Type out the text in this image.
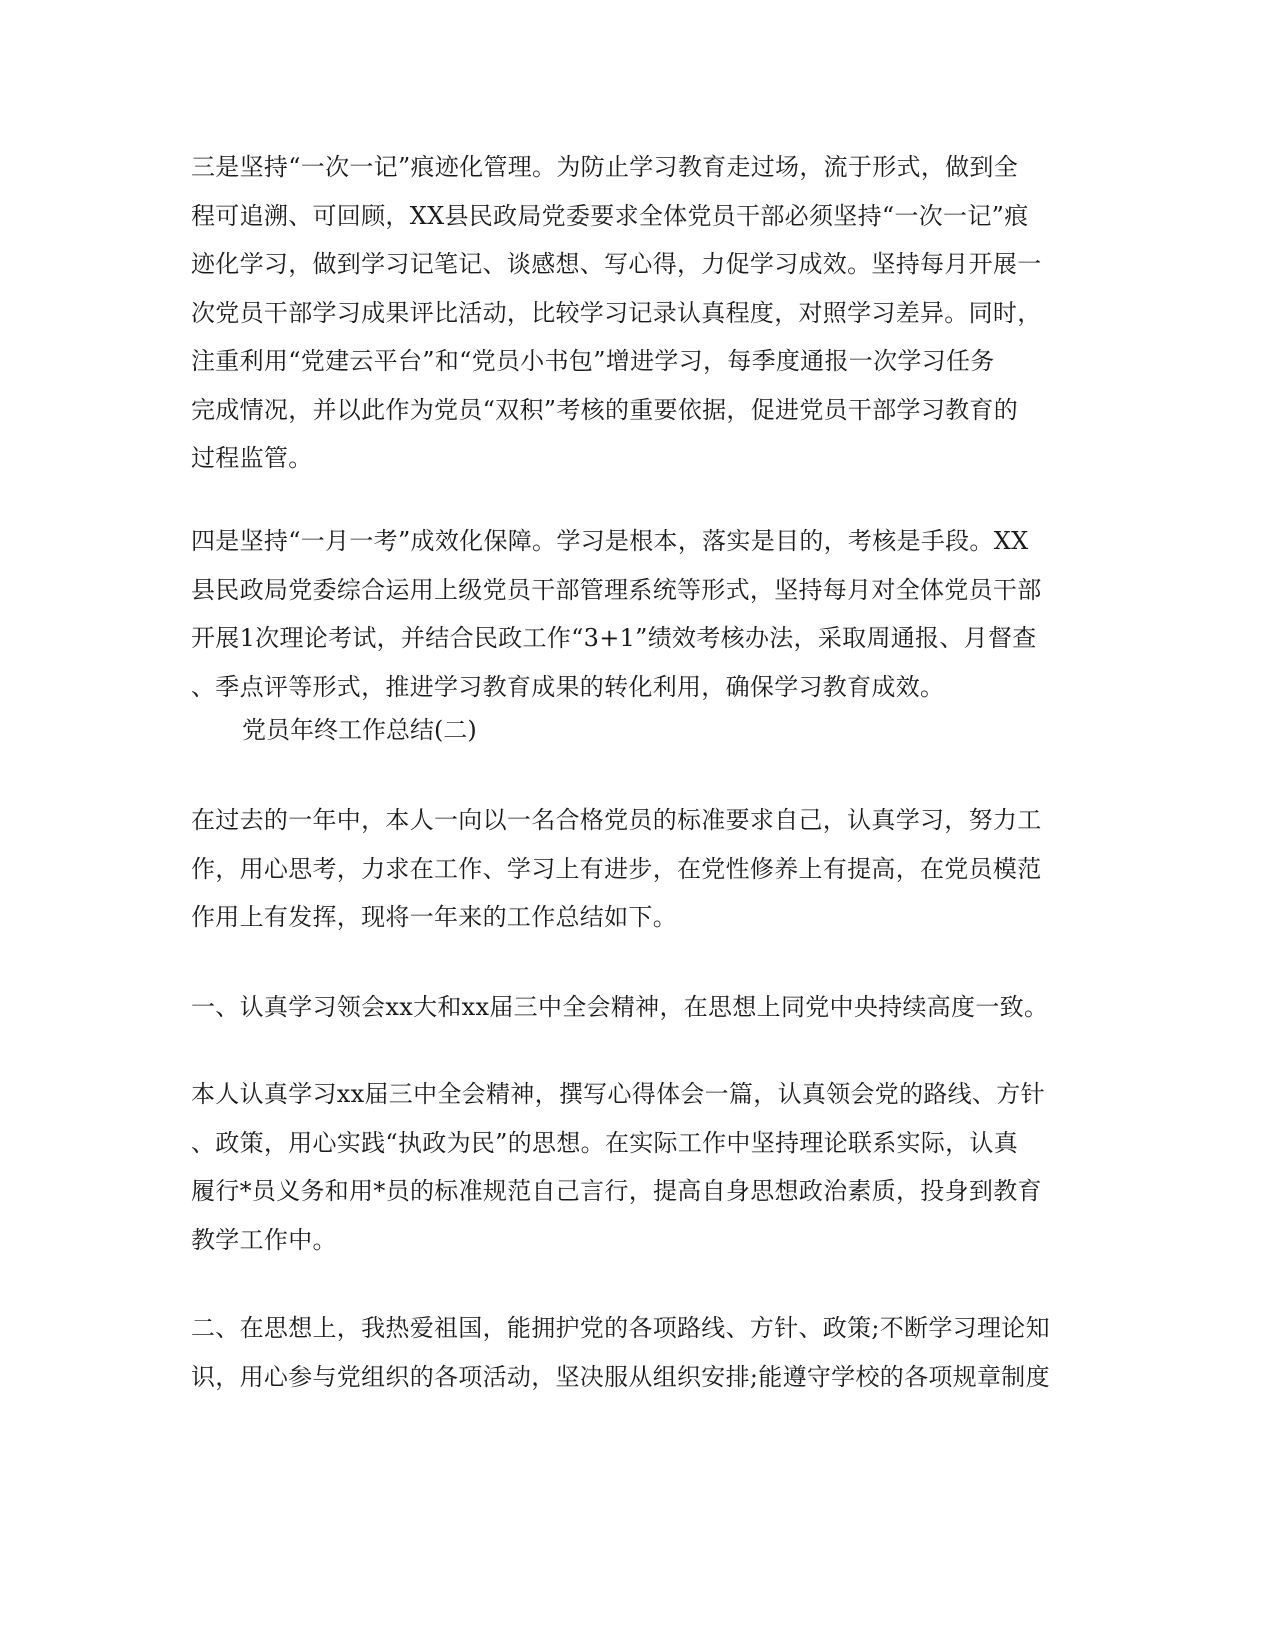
三是坚持“一次一记”痕迹化管理。为防止学习教育走过场，流于形式，做到全
程可追溯、可回顾，XX县民政局党委要求全体党员干部必须坚持“一次一记”痕
迹化学习，做到学习记笔记、谈感想、写心得，力促学习成效。坚持每月开展一
次党员干部学习成果评比活动，比较学习记录认真程度，对照学习差异。同时，
注重利用“党建云平台”和“党员小书包”增进学习，每季度通报一次学习任务
完成情况，并以此作为党员“双积”考核的重要依据，促进党员干部学习教育的
过程监管。
四是坚持“一月一考”成效化保障。学习是根本，落实是目的，考核是手段。XX
县民政局党委综合运用上级党员干部管理系统等形式，坚持每月对全体党员干部
开展1次理论考试，并结合民政工作“3+1”绩效考核办法，采取周通报、月督查
、季点评等形式，推进学习教育成果的转化利用，确保学习教育成效。
党员年终工作总结(二)
在过去的一年中，本人一向以一名合格党员的标准要求自己，认真学习，努力工
作，用心思考，力求在工作、学习上有进步，在党性修养上有提高，在党员模范
作用上有发挥，现将一年来的工作总结如下。
一、认真学习领会xx大和xx届三中全会精神，在思想上同党中央持续高度一致。
本人认真学习xx届三中全会精神，撰写心得体会一篇，认真领会党的路线、方针
、政策，用心实践“执政为民”的思想。在实际工作中坚持理论联系实际，认真
履行*员义务和用*员的标准规范自己言行，提高自身思想政治素质，投身到教育
教学工作中。
二、在思想上，我热爱祖国，能拥护党的各项路线、方针、政策;不断学习理论知
识，用心参与党组织的各项活动，坚决服从组织安排;能遵守学校的各项规章制度
